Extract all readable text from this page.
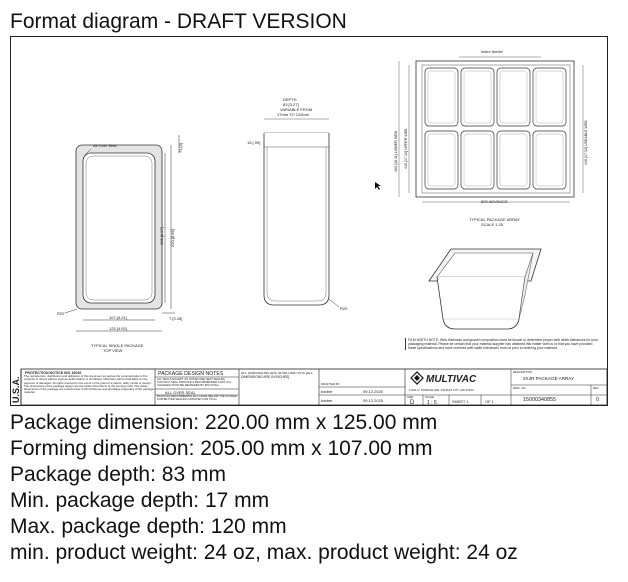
Format diagram - DRAFT VERSION
U.S.A.
All Over Seal	71.[3]
220.[8.66]
205.[8.07]
7.[0.28]
R20
107.[4.21]
125.[4.92]
TYPICAL SINGLE PACKAGE
TOP VIEW
DEPTH
83.[3.27]
VARIABLE FROM
17mm TO 120mm
15.[.59]
R20
index feeder
460.[18.11] LOWER WEB 440.[17.32] UPPER WEB	440.[17.32] USEABLE WEB
500 ADVANCE
TYPICAL PACKAGE ARRAY
SCALE 1:25
FILM WIDTH NOTE: Web thickness and gusset composition must be known to determine proper web width tolerances for your packaging material. Please be certain that your material supplier has obtained this matter with us or that you have provided these specifications and have received web width tolerances from us prior to ordering your material.
PROTECTION NOTICE ISO 16016
The reproduction, distribution and utilization of this document as well as the communication of its contents to others without express authorization is prohibited. Offenders will be held liable for the payment of damages. All rights reserved in the event of the grant of a patent, utility model or design.
The dimensions of the package design are the inside dimensions of the forming mold. The inside dimensions of the package are reduced due to film thickness and shrinkage properties of the package material.
PACKAGE DESIGN NOTES
ALL SEALS EXCEPT AS NOTED ARE HEAT SEALED. CONTACT SEAL INDICATE A RECOMMENDED LIMIT. ALL CHANGES MUST BE REVIEWED BY MULTIVAC.
ALL OVER SEAL
MULTIVAC RECOMMENDS FILL LEVEL BELOW THE FLANGE FOR BETTER SEALING UPDATED FOR 76mm
ALL DIMENSIONS ARE IN MILLIMETERS [ALL DIMENSIONS ARE IN INCHES]
DRAFTED BY
barber	09.12.2020
barber	09.12.2020
MULTIVAC
11021 N. POMONA AVE, KANSAS CITY, MO 64153
DESCRIPTION
2X4R PACKAGE ARRAY
SIZE
D
SCALE
1 : 5	SHEET 1	OF 1
DWG. NO.
15000340855
REV
0
Package dimension: 220.00 mm x 125.00 mm
Forming dimension: 205.00 mm x 107.00 mm
Package depth: 83 mm
Min. package depth: 17 mm
Max. package depth: 120 mm
min. product weight: 24 oz, max. product weight: 24 oz
